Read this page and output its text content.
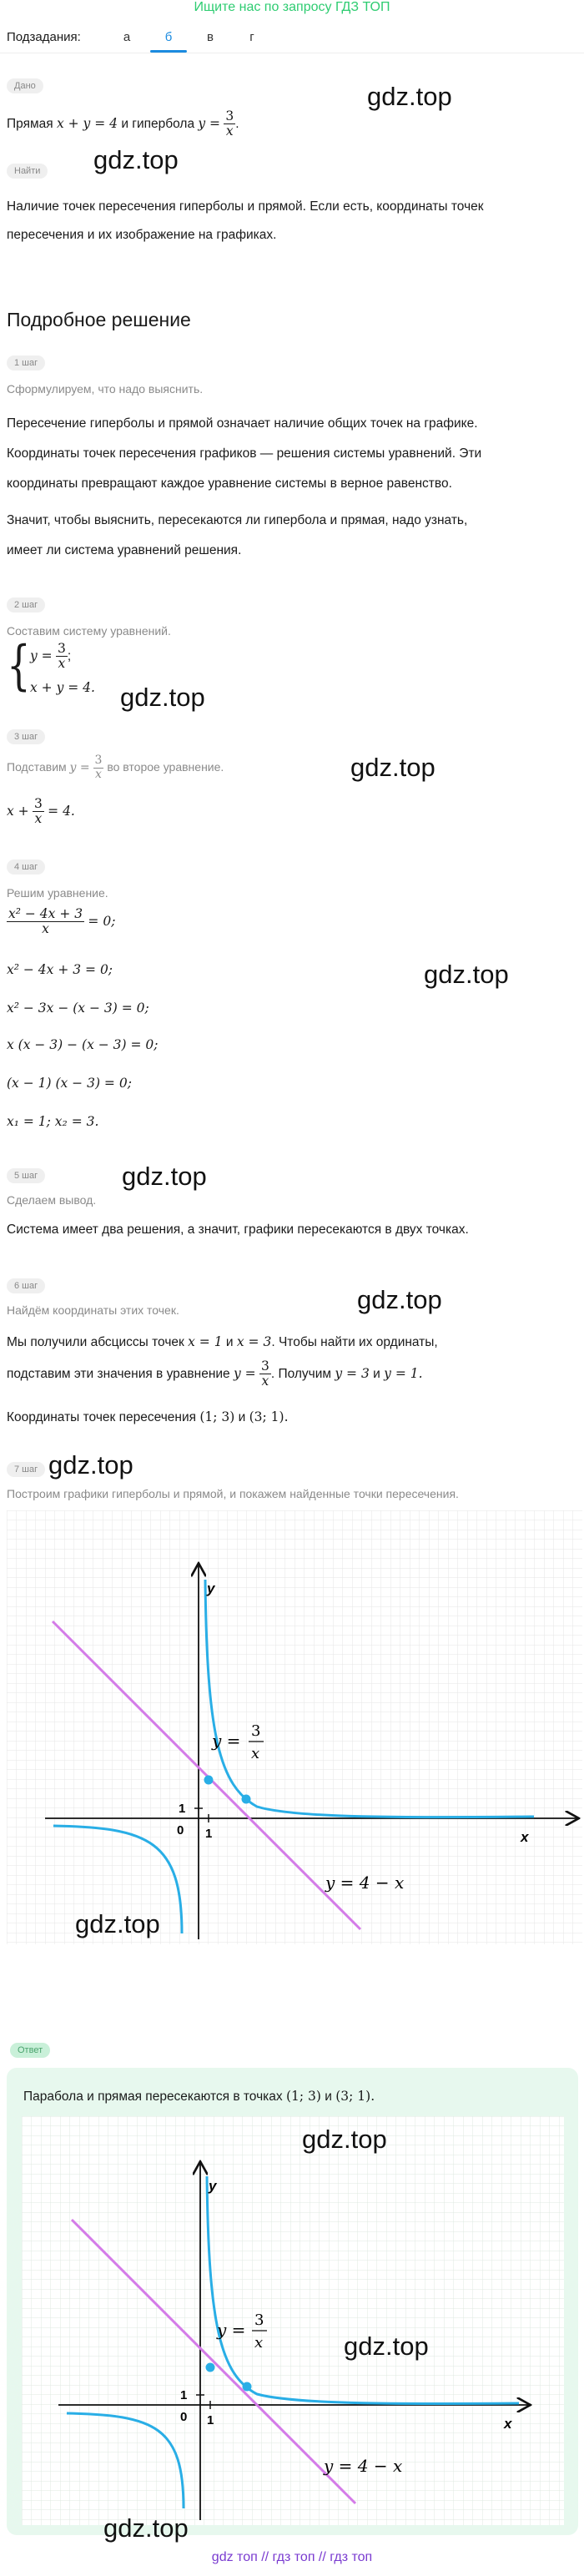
Ищите нас по запросу ГДЗ ТОП
Подзадания:	а	б	в	г
Дано
Прямая x + y = 4 и гипербола $y = \frac{3}{x}$ .
Найти
Наличие точек пересечения гиперболы и прямой. Если есть, координаты точек
пересечения и их изображение на графиках.
Подробное решение
1 шаг
Сформулируем, что надо выяснить.
Пересечение гиперболы и прямой означает наличие общих точек на графике.
Координаты точек пересечения графиков — решения системы уравнений. Эти
координаты превращают каждое уравнение системы в верное равенство.
Значит, чтобы выяснить, пересекаются ли гипербола и прямая, надо узнать,
имеет ли система уравнений решения.
2 шаг
Составим систему уравнений.
{ $y = \frac{3}{x}$ ;
x + y = 4.
3 шаг
Подставим $y = \frac{3}{x}$ во второе уравнение.
$x + \frac{3}{x} = 4$.
4 шаг
Решим уравнение.
$\frac{\text{x² − 4x + 3}}{x} = 0$;
x² − 4x + 3 = 0;
x² − 3x − (x − 3) = 0;
x (x − 3) − (x − 3) = 0;
(x − 1) (x − 3) = 0;
x₁ = 1; x₂ = 3.
5 шаг
Сделаем вывод.
Система имеет два решения, а значит, графики пересекаются в двух точках.
6 шаг
Найдём координаты этих точек.
Мы получили абсциссы точек x = 1 и x = 3. Чтобы найти их ординаты,
подставим эти значения в уравнение $y = \frac{3}{x}$ . Получим y = 3 и y = 1.
Координаты точек пересечения (1; 3) и (3; 1).
7 шаг
Построим графики гиперболы и прямой, и покажем найденные точки пересечения.
y
x
0 1
1
y = 3
x
y = 4 − x
Ответ
Парабола и прямая пересекаются в точках (1; 3) и (3; 1).
y
x
0 1
1
y = 3
x
y = 4 − x
gdz.top
gdz.top
gdz.top
gdz.top
gdz.top
gdz.top
gdz.top
gdz.top
gdz.top
gdz.top
gdz.top
gdz.top
gdz топ // гдз топ // гдз топ
